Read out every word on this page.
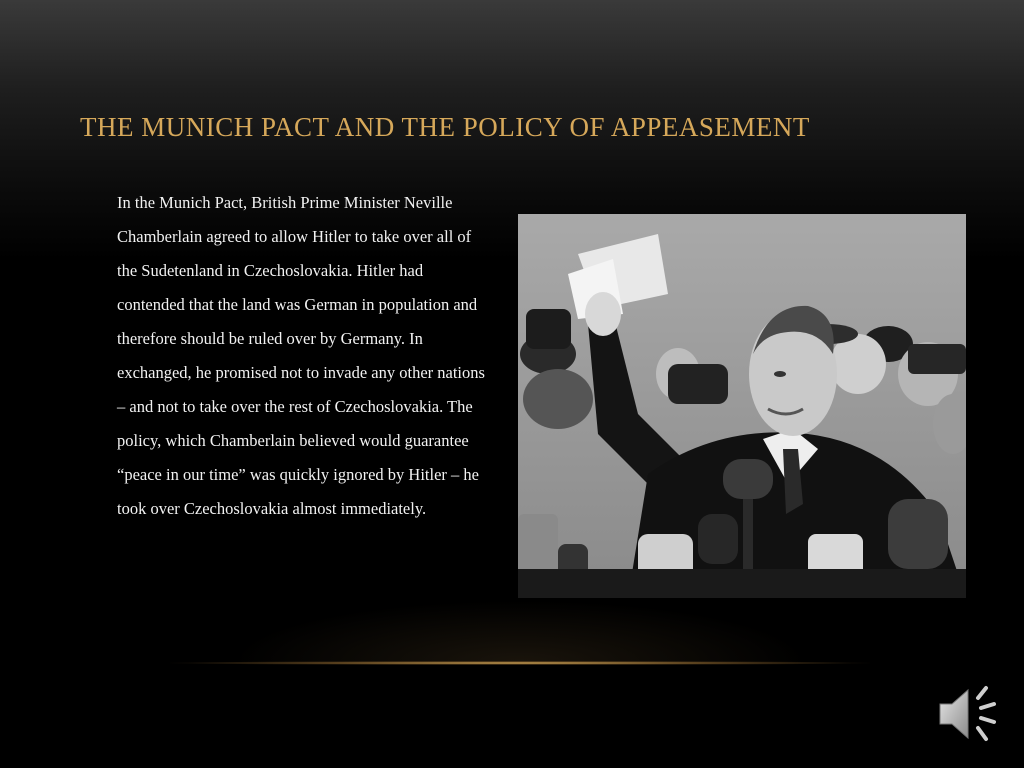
THE MUNICH PACT AND THE POLICY OF APPEASEMENT
In the Munich Pact, British Prime Minister Neville Chamberlain agreed to allow Hitler to take over all of the Sudetenland in Czechoslovakia. Hitler had contended that the land was German in population and therefore should be ruled over by Germany. In exchanged, he promised not to invade any other nations – and not to take over the rest of Czechoslovakia. The policy, which Chamberlain believed would guarantee “peace in our time” was quickly ignored by Hitler – he took over Czechoslovakia almost immediately.
